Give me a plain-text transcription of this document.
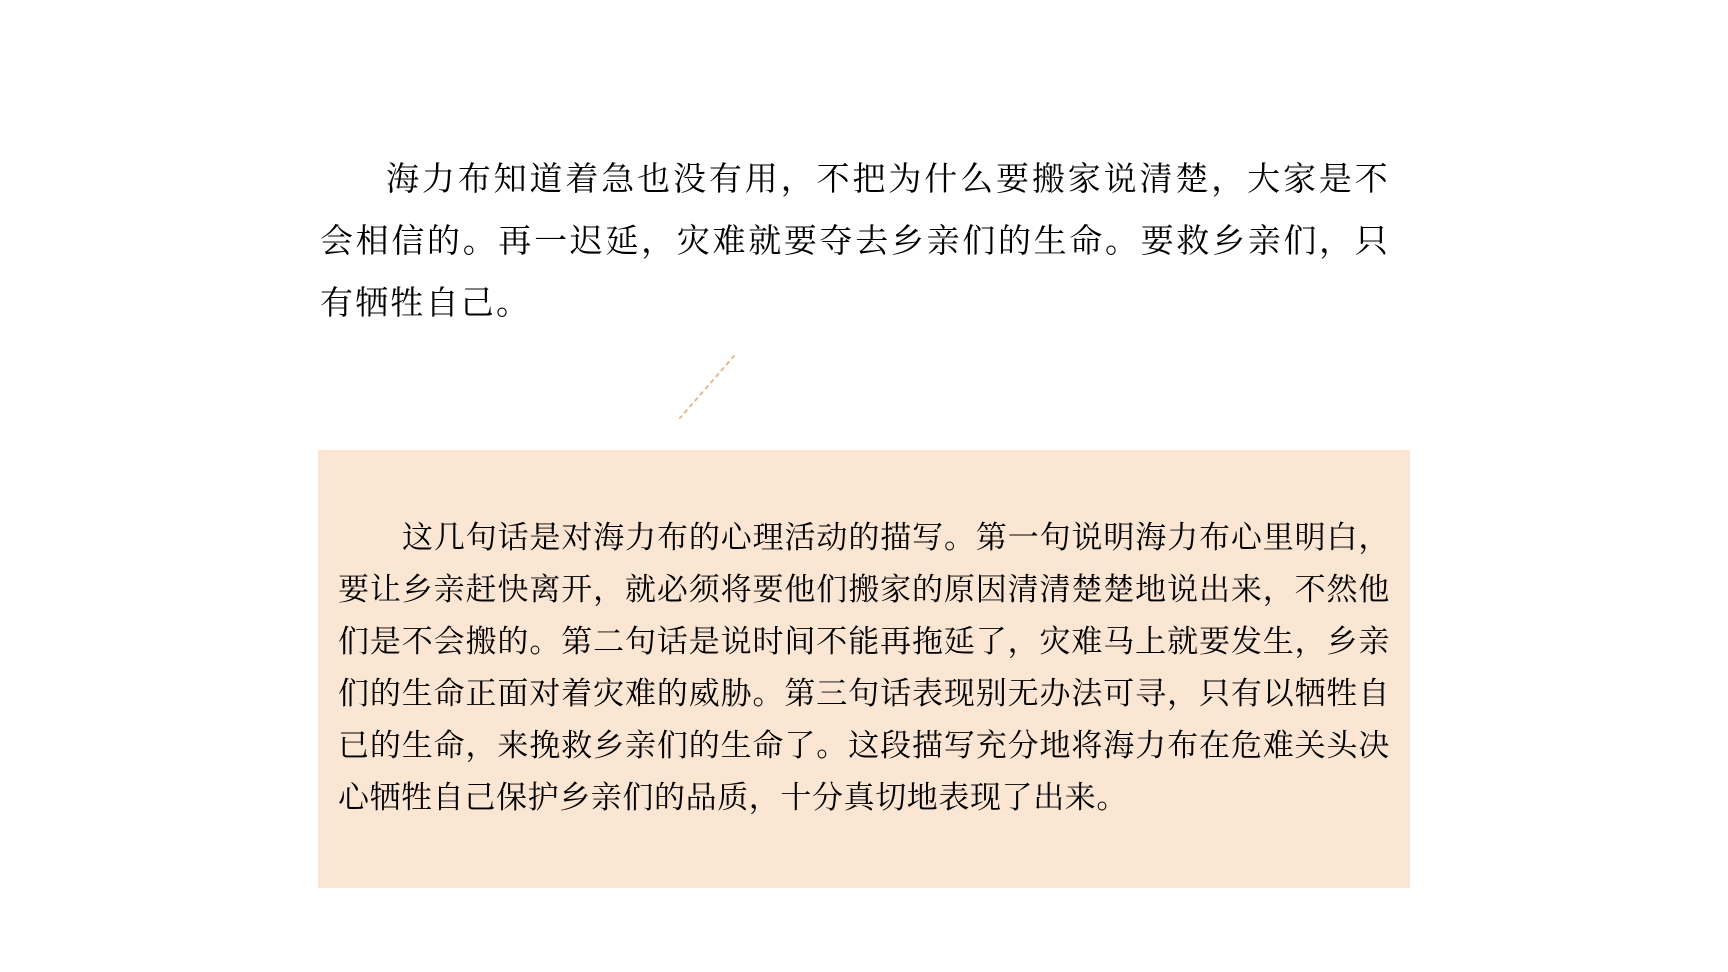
海力布知道着急也没有用，不把为什么要搬家说清楚，大家是不会相信的。再一迟延，灾难就要夺去乡亲们的生命。要救乡亲们，只有牺牲自己。
这几句话是对海力布的心理活动的描写。第一句说明海力布心里明白，要让乡亲赶快离开，就必须将要他们搬家的原因清清楚楚地说出来，不然他们是不会搬的。第二句话是说时间不能再拖延了，灾难马上就要发生，乡亲们的生命正面对着灾难的威胁。第三句话表现别无办法可寻，只有以牺牲自已的生命，来挽救乡亲们的生命了。这段描写充分地将海力布在危难关头决心牺牲自己保护乡亲们的品质，十分真切地表现了出来。
